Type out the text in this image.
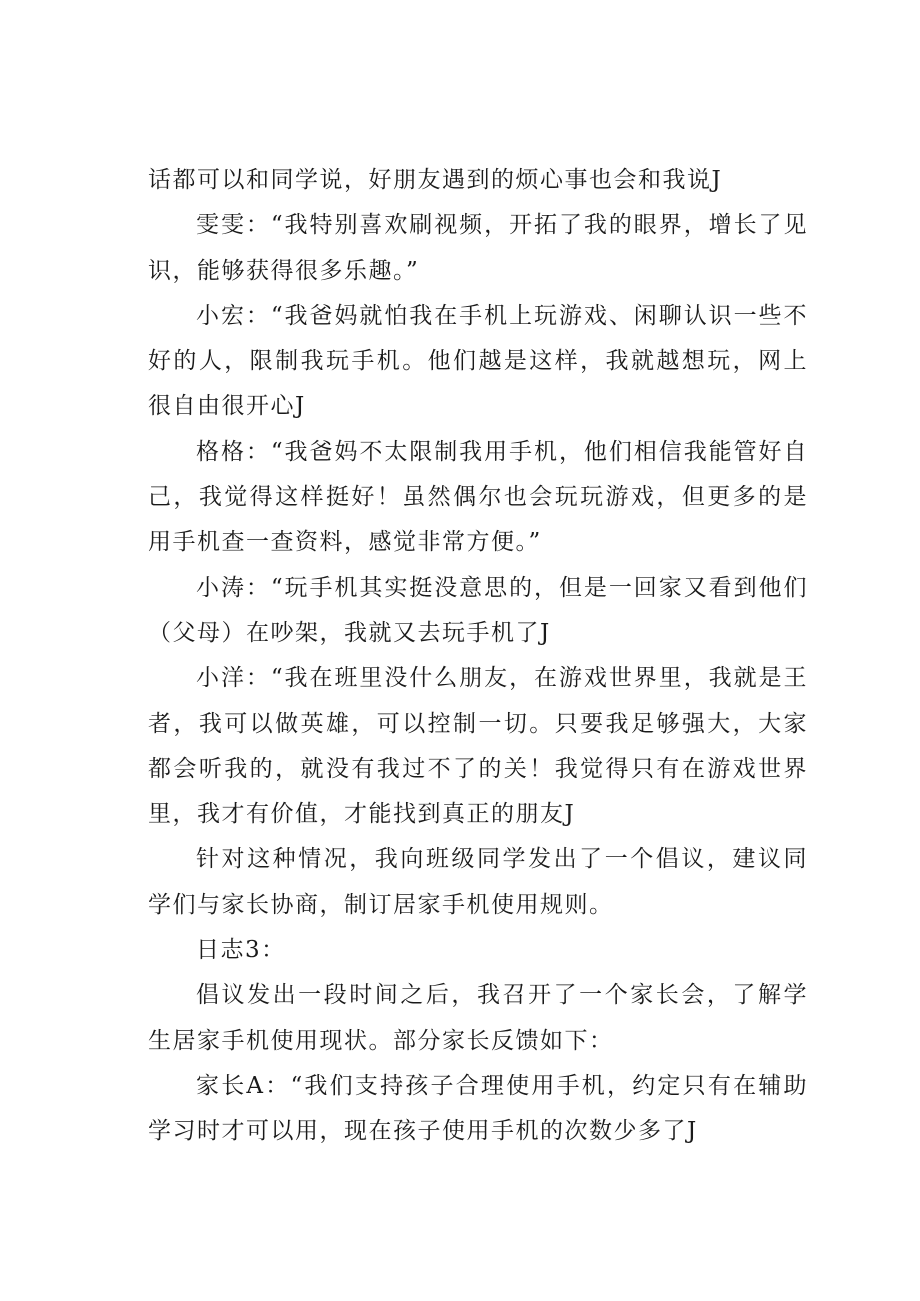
话都可以和同学说，好朋友遇到的烦心事也会和我说J

雯雯：“我特别喜欢刷视频，开拓了我的眼界，增长了见识，能够获得很多乐趣。”

小宏：“我爸妈就怕我在手机上玩游戏、闲聊认识一些不好的人，限制我玩手机。他们越是这样，我就越想玩，网上很自由很开心J

格格：“我爸妈不太限制我用手机，他们相信我能管好自己，我觉得这样挺好！虽然偶尔也会玩玩游戏，但更多的是用手机查一查资料，感觉非常方便。”

小涛：“玩手机其实挺没意思的，但是一回家又看到他们（父母）在吵架，我就又去玩手机了J

小洋：“我在班里没什么朋友，在游戏世界里，我就是王者，我可以做英雄，可以控制一切。只要我足够强大，大家都会听我的，就没有我过不了的关！我觉得只有在游戏世界里，我才有价值，才能找到真正的朋友J

针对这种情况，我向班级同学发出了一个倡议，建议同学们与家长协商，制订居家手机使用规则。

日志3：

倡议发出一段时间之后，我召开了一个家长会，了解学生居家手机使用现状。部分家长反馈如下：

家长A：“我们支持孩子合理使用手机，约定只有在辅助学习时才可以用，现在孩子使用手机的次数少多了J
